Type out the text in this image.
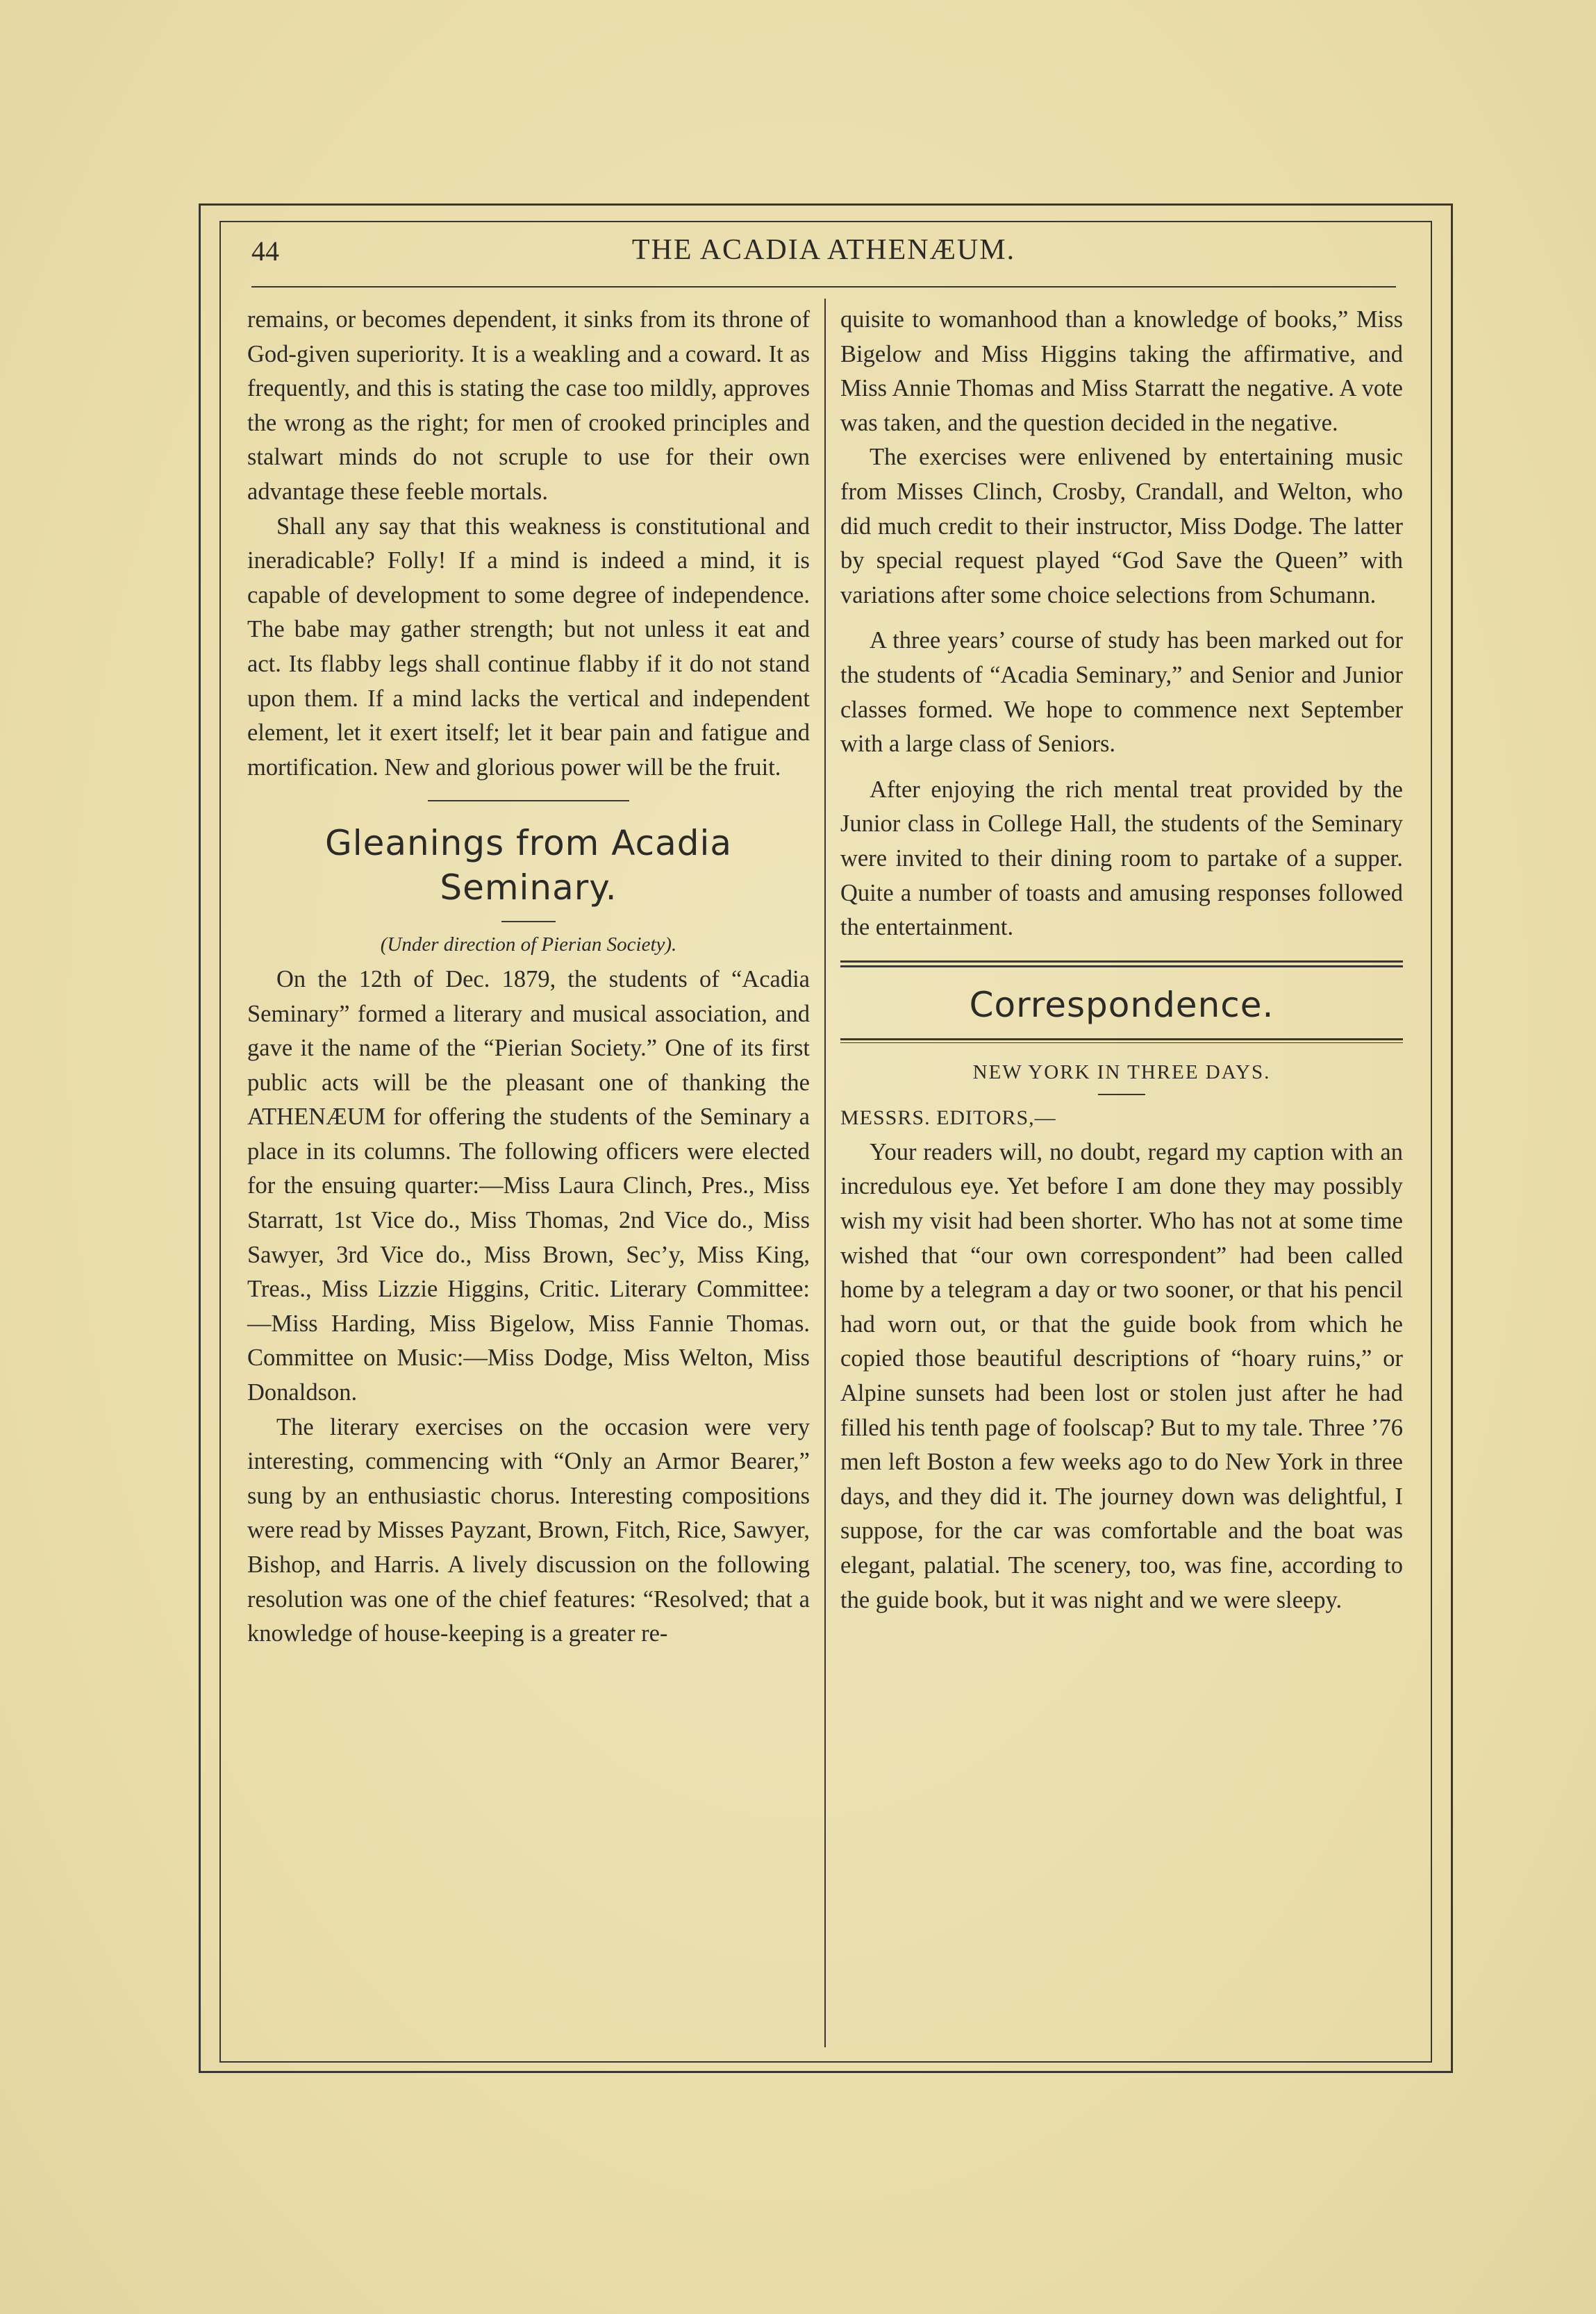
44	THE ACADIA ATHENÆUM.

remains, or becomes dependent, it sinks from its throne of God-given superiority. It is a weakling and a coward. It as frequently, and this is stating the case too mildly, approves the wrong as the right; for men of crooked principles and stalwart minds do not scruple to use for their own advantage these feeble mortals.

Shall any say that this weakness is constitutional and ineradicable? Folly! If a mind is indeed a mind, it is capable of development to some degree of independence. The babe may gather strength; but not unless it eat and act. Its flabby legs shall continue flabby if it do not stand upon them. If a mind lacks the vertical and independent element, let it exert itself; let it bear pain and fatigue and mortification. New and glorious power will be the fruit.

Gleanings from Acadia Seminary.
(Under direction of Pierian Society).

On the 12th of Dec. 1879, the students of “Acadia Seminary” formed a literary and musical association, and gave it the name of the “Pierian Society.” One of its first public acts will be the pleasant one of thanking the ATHENÆUM for offering the students of the Seminary a place in its columns. The following officers were elected for the ensuing quarter:—Miss Laura Clinch, Pres., Miss Starratt, 1st Vice do., Miss Thomas, 2nd Vice do., Miss Sawyer, 3rd Vice do., Miss Brown, Sec’y, Miss King, Treas., Miss Lizzie Higgins, Critic. Literary Committee:—Miss Harding, Miss Bigelow, Miss Fannie Thomas. Committee on Music:—Miss Dodge, Miss Welton, Miss Donaldson.

The literary exercises on the occasion were very interesting, commencing with “Only an Armor Bearer,” sung by an enthusiastic chorus. Interesting compositions were read by Misses Payzant, Brown, Fitch, Rice, Sawyer, Bishop, and Harris. A lively discussion on the following resolution was one of the chief features: “Resolved; that a knowledge of house-keeping is a greater re-

quisite to womanhood than a knowledge of books,” Miss Bigelow and Miss Higgins taking the affirmative, and Miss Annie Thomas and Miss Starratt the negative. A vote was taken, and the question decided in the negative.

The exercises were enlivened by entertaining music from Misses Clinch, Crosby, Crandall, and Welton, who did much credit to their instructor, Miss Dodge. The latter by special request played “God Save the Queen” with variations after some choice selections from Schumann.

A three years’ course of study has been marked out for the students of “Acadia Seminary,” and Senior and Junior classes formed. We hope to commence next September with a large class of Seniors.

After enjoying the rich mental treat provided by the Junior class in College Hall, the students of the Seminary were invited to their dining room to partake of a supper. Quite a number of toasts and amusing responses followed the entertainment.

Correspondence.
NEW YORK IN THREE DAYS.
MESSRS. EDITORS,—

Your readers will, no doubt, regard my caption with an incredulous eye. Yet before I am done they may possibly wish my visit had been shorter. Who has not at some time wished that “our own correspondent” had been called home by a telegram a day or two sooner, or that his pencil had worn out, or that the guide book from which he copied those beautiful descriptions of “hoary ruins,” or Alpine sunsets had been lost or stolen just after he had filled his tenth page of foolscap? But to my tale. Three ’76 men left Boston a few weeks ago to do New York in three days, and they did it. The journey down was delightful, I suppose, for the car was comfortable and the boat was elegant, palatial. The scenery, too, was fine, according to the guide book, but it was night and we were sleepy.
